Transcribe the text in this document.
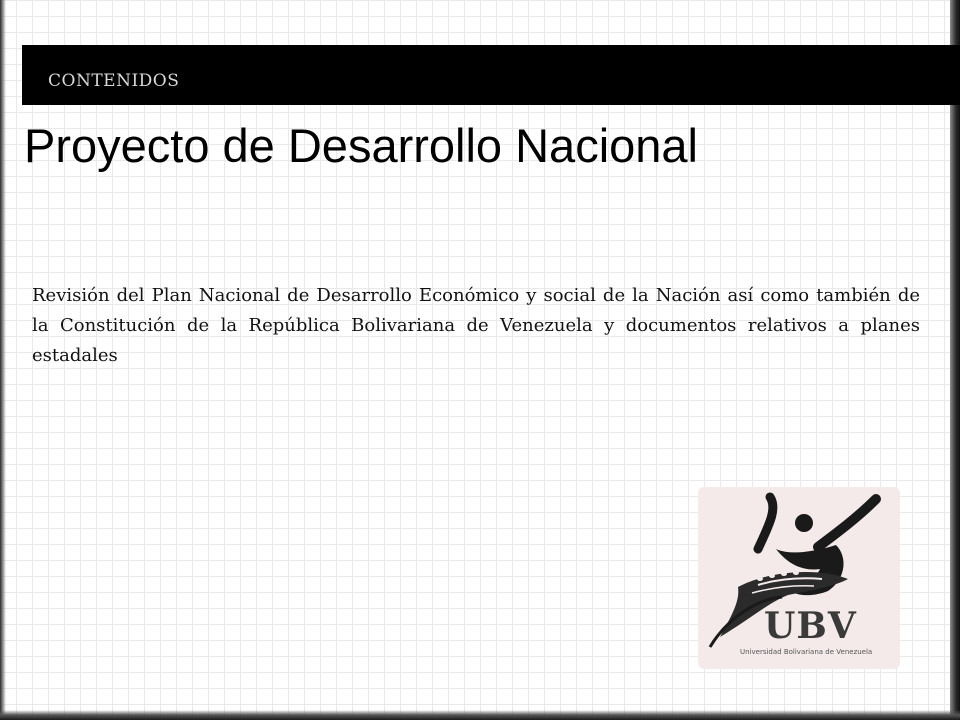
CONTENIDOS
Proyecto de Desarrollo Nacional

Revisión del Plan Nacional de Desarrollo Económico y social de la Nación así como también de la Constitución de la República Bolivariana de Venezuela y documentos relativos a planes estadales

UBV
Universidad Bolivariana de Venezuela
